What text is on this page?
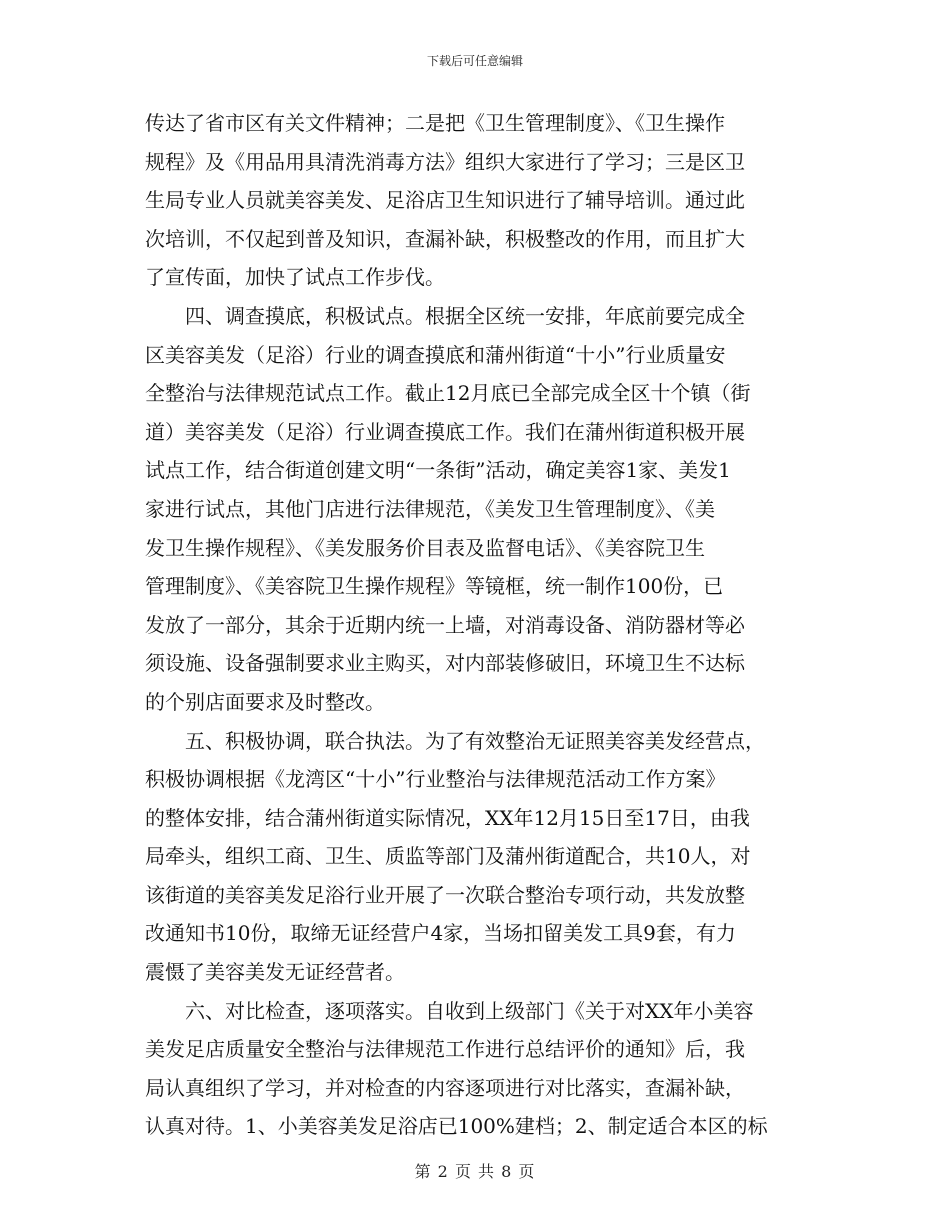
下载后可任意编辑
传达了省市区有关文件精神；二是把《卫生管理制度》、《卫生操作
规程》及《用品用具清洗消毒方法》组织大家进行了学习；三是区卫
生局专业人员就美容美发、足浴店卫生知识进行了辅导培训。通过此
次培训，不仅起到普及知识，查漏补缺，积极整改的作用，而且扩大
了宣传面，加快了试点工作步伐。
四、调查摸底，积极试点。根据全区统一安排，年底前要完成全
区美容美发（足浴）行业的调查摸底和蒲州街道“十小”行业质量安
全整治与法律规范试点工作。截止12月底已全部完成全区十个镇（街
道）美容美发（足浴）行业调查摸底工作。我们在蒲州街道积极开展
试点工作，结合街道创建文明“一条街”活动，确定美容1家、美发1
家进行试点，其他门店进行法律规范，《美发卫生管理制度》、《美
发卫生操作规程》、《美发服务价目表及监督电话》、《美容院卫生
管理制度》、《美容院卫生操作规程》等镜框，统一制作100份，已
发放了一部分，其余于近期内统一上墙，对消毒设备、消防器材等必
须设施、设备强制要求业主购买，对内部装修破旧，环境卫生不达标
的个别店面要求及时整改。
五、积极协调，联合执法。为了有效整治无证照美容美发经营点，
积极协调根据《龙湾区“十小”行业整治与法律规范活动工作方案》
的整体安排，结合蒲州街道实际情况，XX年12月15日至17日，由我
局牵头，组织工商、卫生、质监等部门及蒲州街道配合，共10人，对
该街道的美容美发足浴行业开展了一次联合整治专项行动，共发放整
改通知书10份，取缔无证经营户4家，当场扣留美发工具9套，有力
震慑了美容美发无证经营者。
六、对比检查，逐项落实。自收到上级部门《关于对XX年小美容
美发足店质量安全整治与法律规范工作进行总结评价的通知》后，我
局认真组织了学习，并对检查的内容逐项进行对比落实，查漏补缺，
认真对待。1、小美容美发足浴店已100%建档；2、制定适合本区的标
第 2 页 共 8 页
